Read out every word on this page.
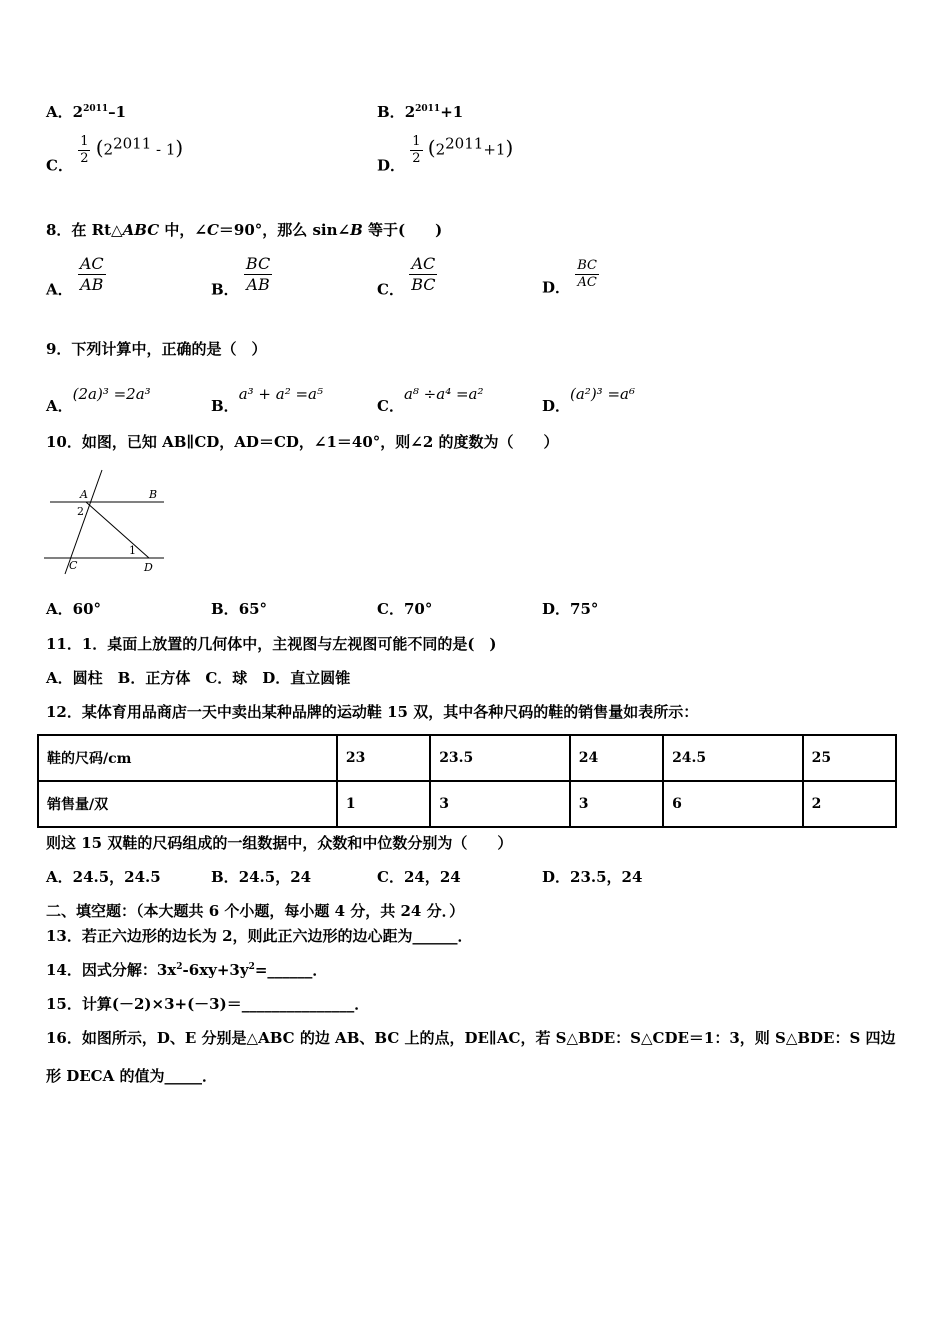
A．$2^{2011}-1$	B．$2^{2011}+1$
C． $\frac{1}{2} (2^{2011} - 1)$
D． $\frac{1}{2} (2^{2011}+1)$
8．在 Rt△ABC 中，∠C＝90°，那么 sin∠B 等于(　　)
A． $\frac{AC}{AB}$	B． $\frac{BC}{AB}$	C． $\frac{AC}{BC}$	D． $\frac{BC}{AC}$
9．下列计算中，正确的是（　）
A．(2a)³ =2a³
B．a³ + a² =a⁵
C．a⁸ ÷a⁴ =a²
D．(a²)³ =a⁶
10．如图，已知 AB∥CD，AD＝CD，∠1＝40°，则∠2 的度数为（　　）
A	B
2
1
C	D
A．60°	B．65°	C．70°	D．75°
11．1．桌面上放置的几何体中，主视图与左视图可能不同的是(　)
A．圆柱　B．正方体　C．球　D．直立圆锥
12．某体育用品商店一天中卖出某种品牌的运动鞋 15 双，其中各种尺码的鞋的销售量如表所示：
鞋的尺码/cm	23	23.5	24	24.5	25
销售量/双	1	3	3	6	2
则这 15 双鞋的尺码组成的一组数据中，众数和中位数分别为（　　）
A．24.5，24.5	B．24.5，24	C．24，24	D．23.5，24
二、填空题：（本大题共 6 个小题，每小题 4 分，共 24 分．）
13．若正六边形的边长为 2，则此正六边形的边心距为______．
14．因式分解：$3x^2-6xy+3y^2=\_\_\_\_\_\_$．
15．计算(－2)×3+(－3)＝_______________．
16．如图所示，D、E 分别是△ABC 的边 AB、BC 上的点，DE∥AC，若 S△BDE：S△CDE＝1：3，则 S△BDE：S 四边
形 DECA 的值为_____．
